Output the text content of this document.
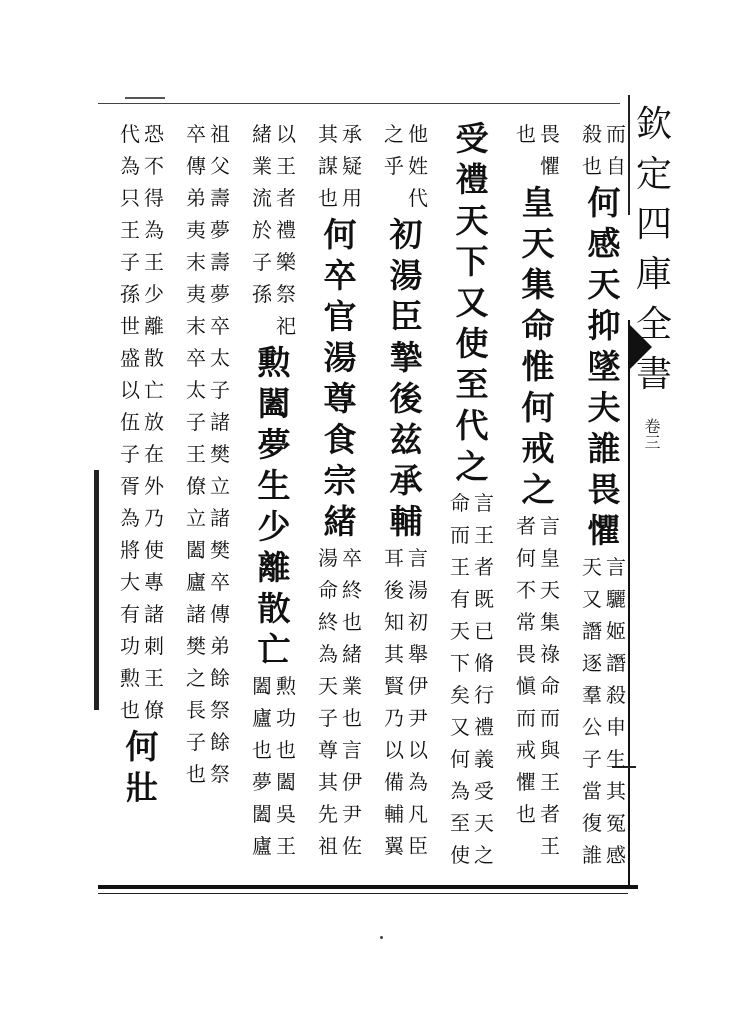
欽
定
四
庫
全
書
卷三
殺
也
而
自
何
感
天
抑
墜
夫
誰
畏
懼
天
又
譖
逐
羣
公
子
當
復
誰
言
驪
姬
譖
殺
申
生
其
冤
感
也 畏
懼
皇
天
集
命
惟
何
戒
之
者
何
不
常
畏
愼
而
戒
懼
也
言
皇
天
集
祿
命
而
與
王
者
王
受
禮
天
下
又
使
至
代
之
命
而
王
有
天
下
矣
又
何
為
至
使
言
王
者
既
已
脩
行
禮
義
受
天
之
之
乎
他
姓
代
初
湯
臣
摯
後
兹
承
輔
耳
後
知
其
賢
乃
以
備
輔
翼
言
湯
初
舉
伊
尹
以
為
凡
臣
其
謀
也
承
疑
用
何
卒
官
湯
尊
食
宗
緒
湯
命
終
為
天
子
尊
其
先
祖
卒
終
也
緒
業
也
言
伊
尹
佐
緒
業
流
於
子
孫
以
王
者
禮
樂
祭
祀
勲
闔
夢
生
少
離
散
亡
闔
廬
也
夢
闔
廬
勲
功
也
闔
吳
王
卒
傳
弟
夷
末
夷
末
卒
太
子
王
僚
立
闔
廬
諸
樊
之
長
子
也
祖
父
壽
夢
壽
夢
卒
太
子
諸
樊
立
諸
樊
卒
傳
弟
餘
祭
餘
祭
代
為
只
王
子
孫
世
盛
以
伍
子
胥
為
將
大
有
功
勲
也
恐
不
得
為
王
少
離
散
亡
放
在
外
乃
使
專
諸
刺
王
僚
何
壯
